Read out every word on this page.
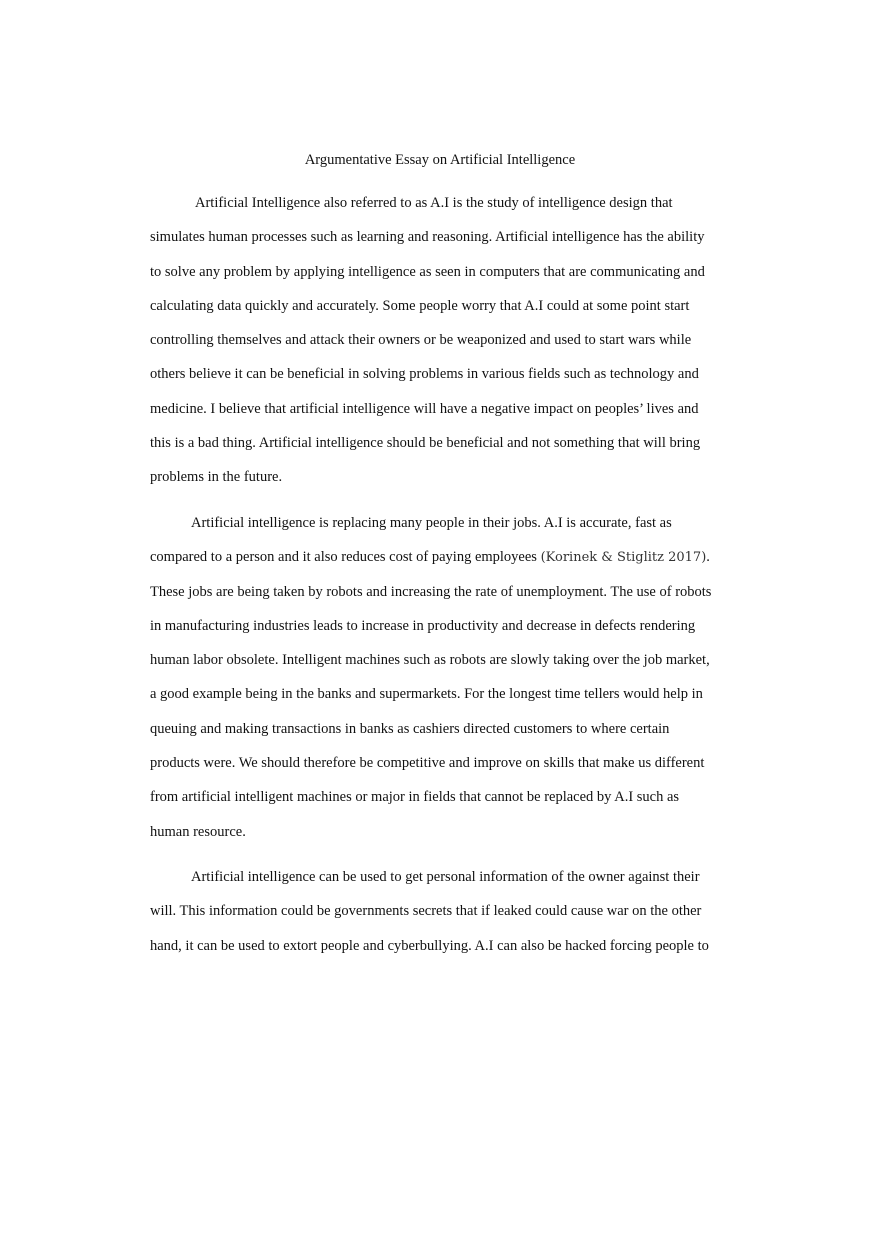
Argumentative Essay on Artificial Intelligence

Artificial Intelligence also referred to as A.I is the study of intelligence design that
simulates human processes such as learning and reasoning. Artificial intelligence has the ability
to solve any problem by applying intelligence as seen in computers that are communicating and
calculating data quickly and accurately. Some people worry that A.I could at some point start
controlling themselves and attack their owners or be weaponized and used to start wars while
others believe it can be beneficial in solving problems in various fields such as technology and
medicine. I believe that artificial intelligence will have a negative impact on peoples’ lives and
this is a bad thing. Artificial intelligence should be beneficial and not something that will bring
problems in the future.

Artificial intelligence is replacing many people in their jobs. A.I is accurate, fast as
compared to a person and it also reduces cost of paying employees (Korinek & Stiglitz 2017).
These jobs are being taken by robots and increasing the rate of unemployment. The use of robots
in manufacturing industries leads to increase in productivity and decrease in defects rendering
human labor obsolete. Intelligent machines such as robots are slowly taking over the job market,
a good example being in the banks and supermarkets. For the longest time tellers would help in
queuing and making transactions in banks as cashiers directed customers to where certain
products were. We should therefore be competitive and improve on skills that make us different
from artificial intelligent machines or major in fields that cannot be replaced by A.I such as
human resource.

Artificial intelligence can be used to get personal information of the owner against their
will. This information could be governments secrets that if leaked could cause war on the other
hand, it can be used to extort people and cyberbullying. A.I can also be hacked forcing people to
